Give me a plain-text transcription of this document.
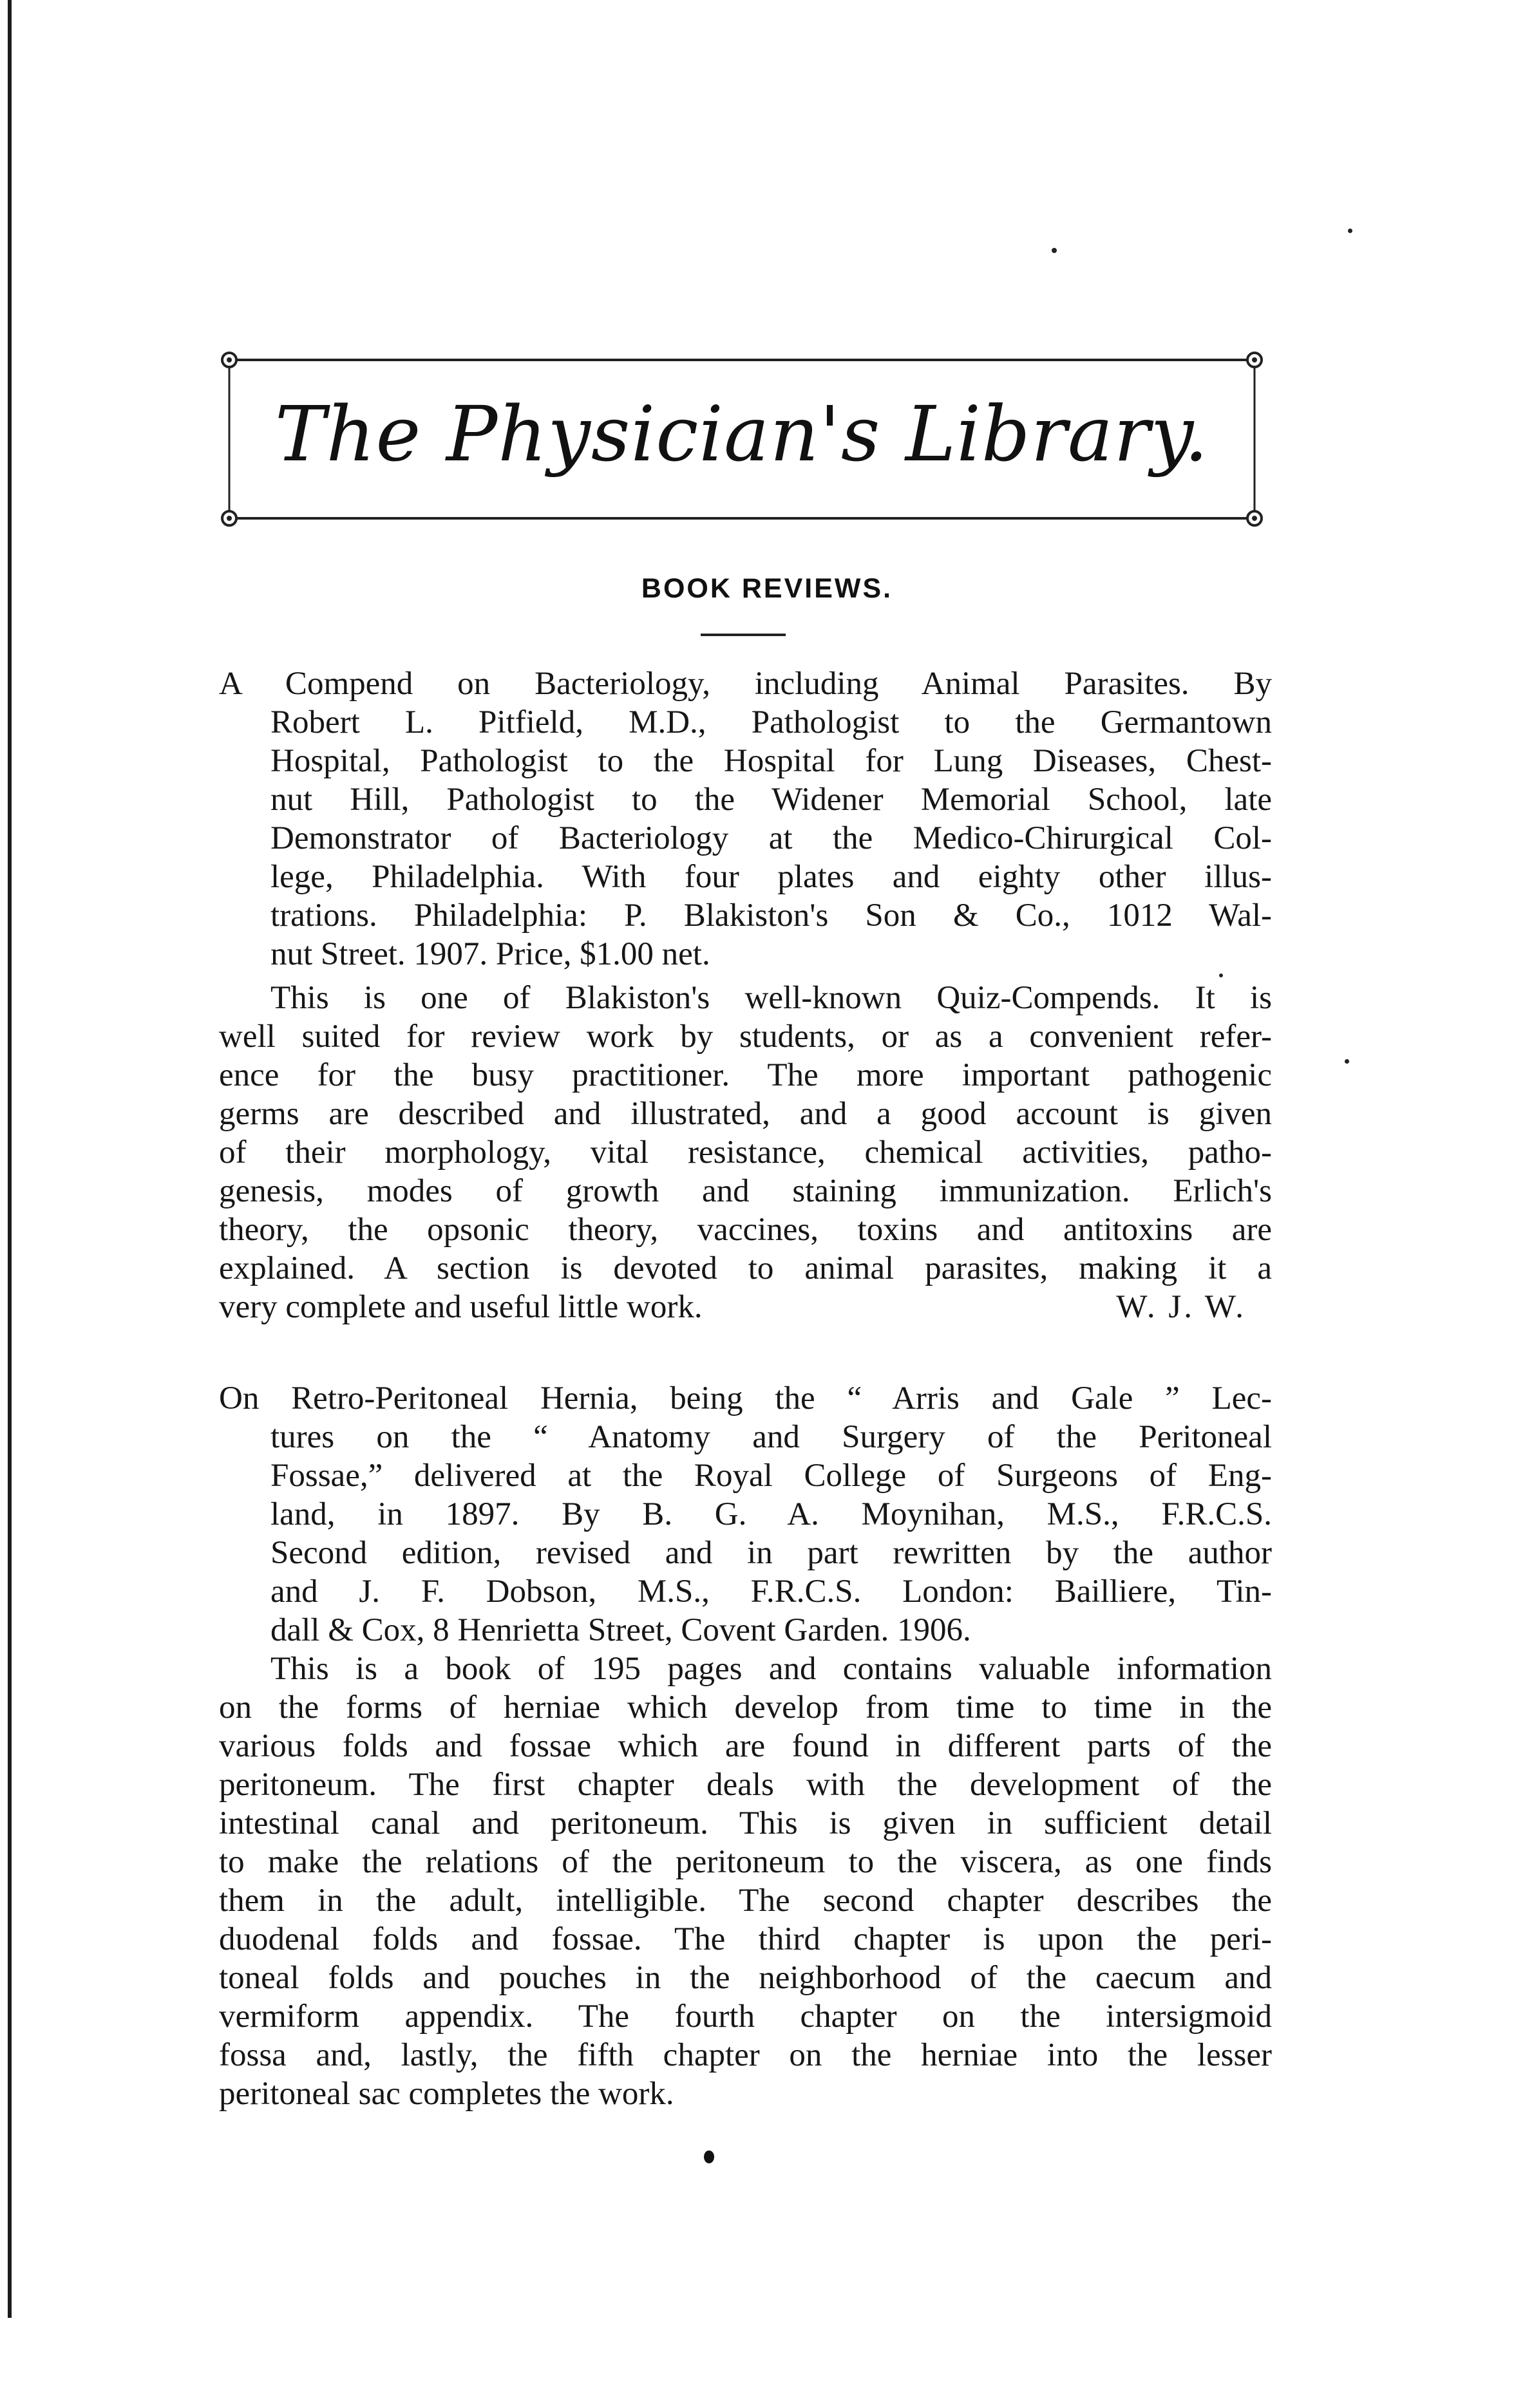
The Physician's Library.
BOOK REVIEWS.
A Compend on Bacteriology, including Animal Parasites. By
Robert L. Pitfield, M.D., Pathologist to the Germantown
Hospital, Pathologist to the Hospital for Lung Diseases, Chest-
nut Hill, Pathologist to the Widener Memorial School, late
Demonstrator of Bacteriology at the Medico-Chirurgical Col-
lege, Philadelphia. With four plates and eighty other illus-
trations. Philadelphia: P. Blakiston's Son & Co., 1012 Wal-
nut Street. 1907. Price, $1.00 net.
This is one of Blakiston's well-known Quiz-Compends. It is
well suited for review work by students, or as a convenient refer-
ence for the busy practitioner. The more important pathogenic
germs are described and illustrated, and a good account is given
of their morphology, vital resistance, chemical activities, patho-
genesis, modes of growth and staining immunization. Erlich's
theory, the opsonic theory, vaccines, toxins and antitoxins are
explained. A section is devoted to animal parasites, making it a
very complete and useful little work.	W. J. W.
On Retro-Peritoneal Hernia, being the “ Arris and Gale ” Lec-
tures on the “ Anatomy and Surgery of the Peritoneal
Fossae,” delivered at the Royal College of Surgeons of Eng-
land, in 1897. By B. G. A. Moynihan, M.S., F.R.C.S.
Second edition, revised and in part rewritten by the author
and J. F. Dobson, M.S., F.R.C.S. London: Bailliere, Tin-
dall & Cox, 8 Henrietta Street, Covent Garden. 1906.
This is a book of 195 pages and contains valuable information
on the forms of herniae which develop from time to time in the
various folds and fossae which are found in different parts of the
peritoneum. The first chapter deals with the development of the
intestinal canal and peritoneum. This is given in sufficient detail
to make the relations of the peritoneum to the viscera, as one finds
them in the adult, intelligible. The second chapter describes the
duodenal folds and fossae. The third chapter is upon the peri-
toneal folds and pouches in the neighborhood of the caecum and
vermiform appendix. The fourth chapter on the intersigmoid
fossa and, lastly, the fifth chapter on the herniae into the lesser
peritoneal sac completes the work.
